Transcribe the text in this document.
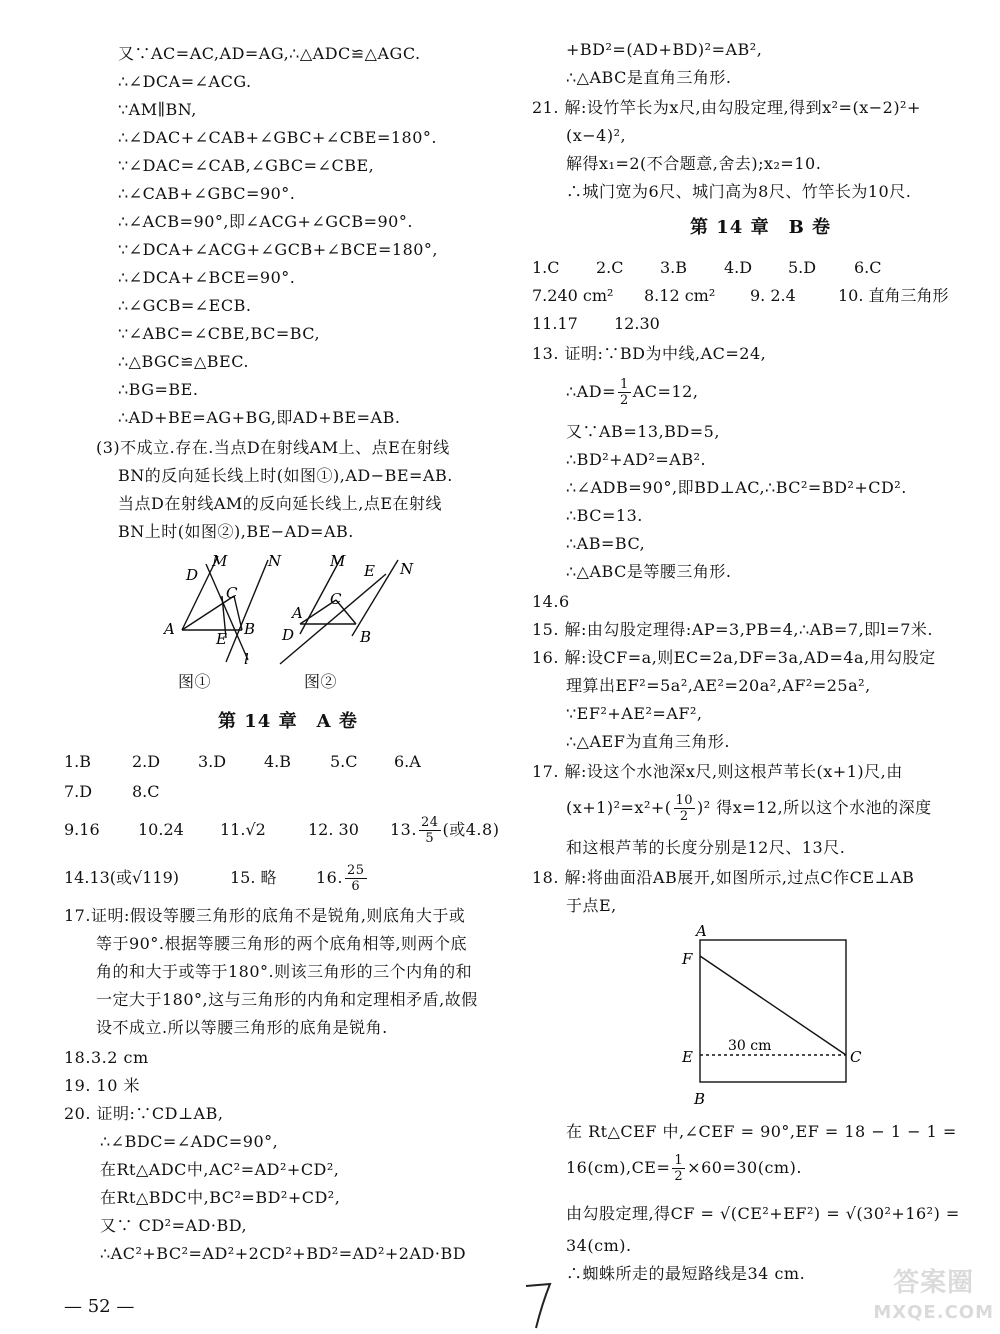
又∵AC=AC,AD=AG,∴△ADC≌△AGC.
∴∠DCA=∠ACG.
∵AM∥BN,
∴∠DAC+∠CAB+∠GBC+∠CBE=180°.
∵∠DAC=∠CAB,∠GBC=∠CBE,
∴∠CAB+∠GBC=90°.
∴∠ACB=90°,即∠ACG+∠GCB=90°.
∵∠DCA+∠ACG+∠GCB+∠BCE=180°,
∴∠DCA+∠BCE=90°.
∴∠GCB=∠ECB.
∵∠ABC=∠CBE,BC=BC,
∴△BGC≌△BEC.
∴BG=BE.
∴AD+BE=AG+BG,即AD+BE=AB.
(3)不成立.存在.当点D在射线AM上、点E在射线
BN的反向延长线上时(如图①),AD−BE=AB.
当点D在射线AM的反向延长线上,点E在射线
BN上时(如图②),BE−AD=AB.
D
M	N
C
A
E
B
l
图①
M
E N
C
A
D	B
图②
第 14 章　A 卷
1.B	2.D 3.D 4.B 5.C 6.A
7.D 8.C
9.16 10.24 11.√2	12. 30 13. $\frac{24}{5}$ (或4.8)
14.13(或√119)	15. 略 16. $\frac{25}{6}$
17.证明:假设等腰三角形的底角不是锐角,则底角大于或
等于90°.根据等腰三角形的两个底角相等,则两个底
角的和大于或等于180°.则该三角形的三个内角的和
一定大于180°,这与三角形的内角和定理相矛盾,故假
设不成立.所以等腰三角形的底角是锐角.
18.3.2 cm
19. 10 米
20. 证明:∵CD⊥AB,
∴∠BDC=∠ADC=90°,
在Rt△ADC中,AC²=AD²+CD²,
在Rt△BDC中,BC²=BD²+CD²,
又∵ CD²=AD·BD,
∴AC²+BC²=AD²+2CD²+BD²=AD²+2AD·BD
— 52 —
+BD²=(AD+BD)²=AB²,
∴△ABC是直角三角形.
21. 解:设竹竿长为x尺,由勾股定理,得到x²=(x−2)²+
(x−4)²,
解得x₁=2(不合题意,舍去);x₂=10.
∴城门宽为6尺、城门高为8尺、竹竿长为10尺.
第 14 章　B 卷
1.C 2.C 3.B 4.D 5.D 6.C
7.240 cm² 8.12 cm² 9. 2.4	10. 直角三角形
11.17 12.30
13. 证明:∵BD为中线,AC=24,
∴AD= $\frac{1}{2} AC=12$,
又∵AB=13,BD=5,
∴BD²+AD²=AB².
∴∠ADB=90°,即BD⊥AC,∴BC²=BD²+CD².
∴BC=13.
∴AB=BC,
∴△ABC是等腰三角形.
14.6
15. 解:由勾股定理得:AP=3,PB=4,∴AB=7,即l=7米.
16. 解:设CF=a,则EC=2a,DF=3a,AD=4a,用勾股定
理算出EF²=5a²,AE²=20a²,AF²=25a²,
∵EF²+AE²=AF²,
∴△AEF为直角三角形.
17. 解:设这个水池深x尺,则这根芦苇长(x+1)尺,由
$(x+1)^2=x^2+( \frac{10}{2} )^2$ 得x=12,所以这个水池的深度
和这根芦苇的长度分别是12尺、13尺.
18. 解:将曲面沿AB展开,如图所示,过点C作CE⊥AB
于点E,
A
F
E	C
B
30 cm
在 Rt△CEF 中,∠CEF = 90°,EF = 18 − 1 − 1 =
$16(cm),CE= \frac{1}{2} \times 60=30(cm)$.
由勾股定理,得CF = √(CE²+EF²) = √(30²+16²) =
34(cm).
∴蜘蛛所走的最短路线是34 cm.	答案圈
MXQE.COM
